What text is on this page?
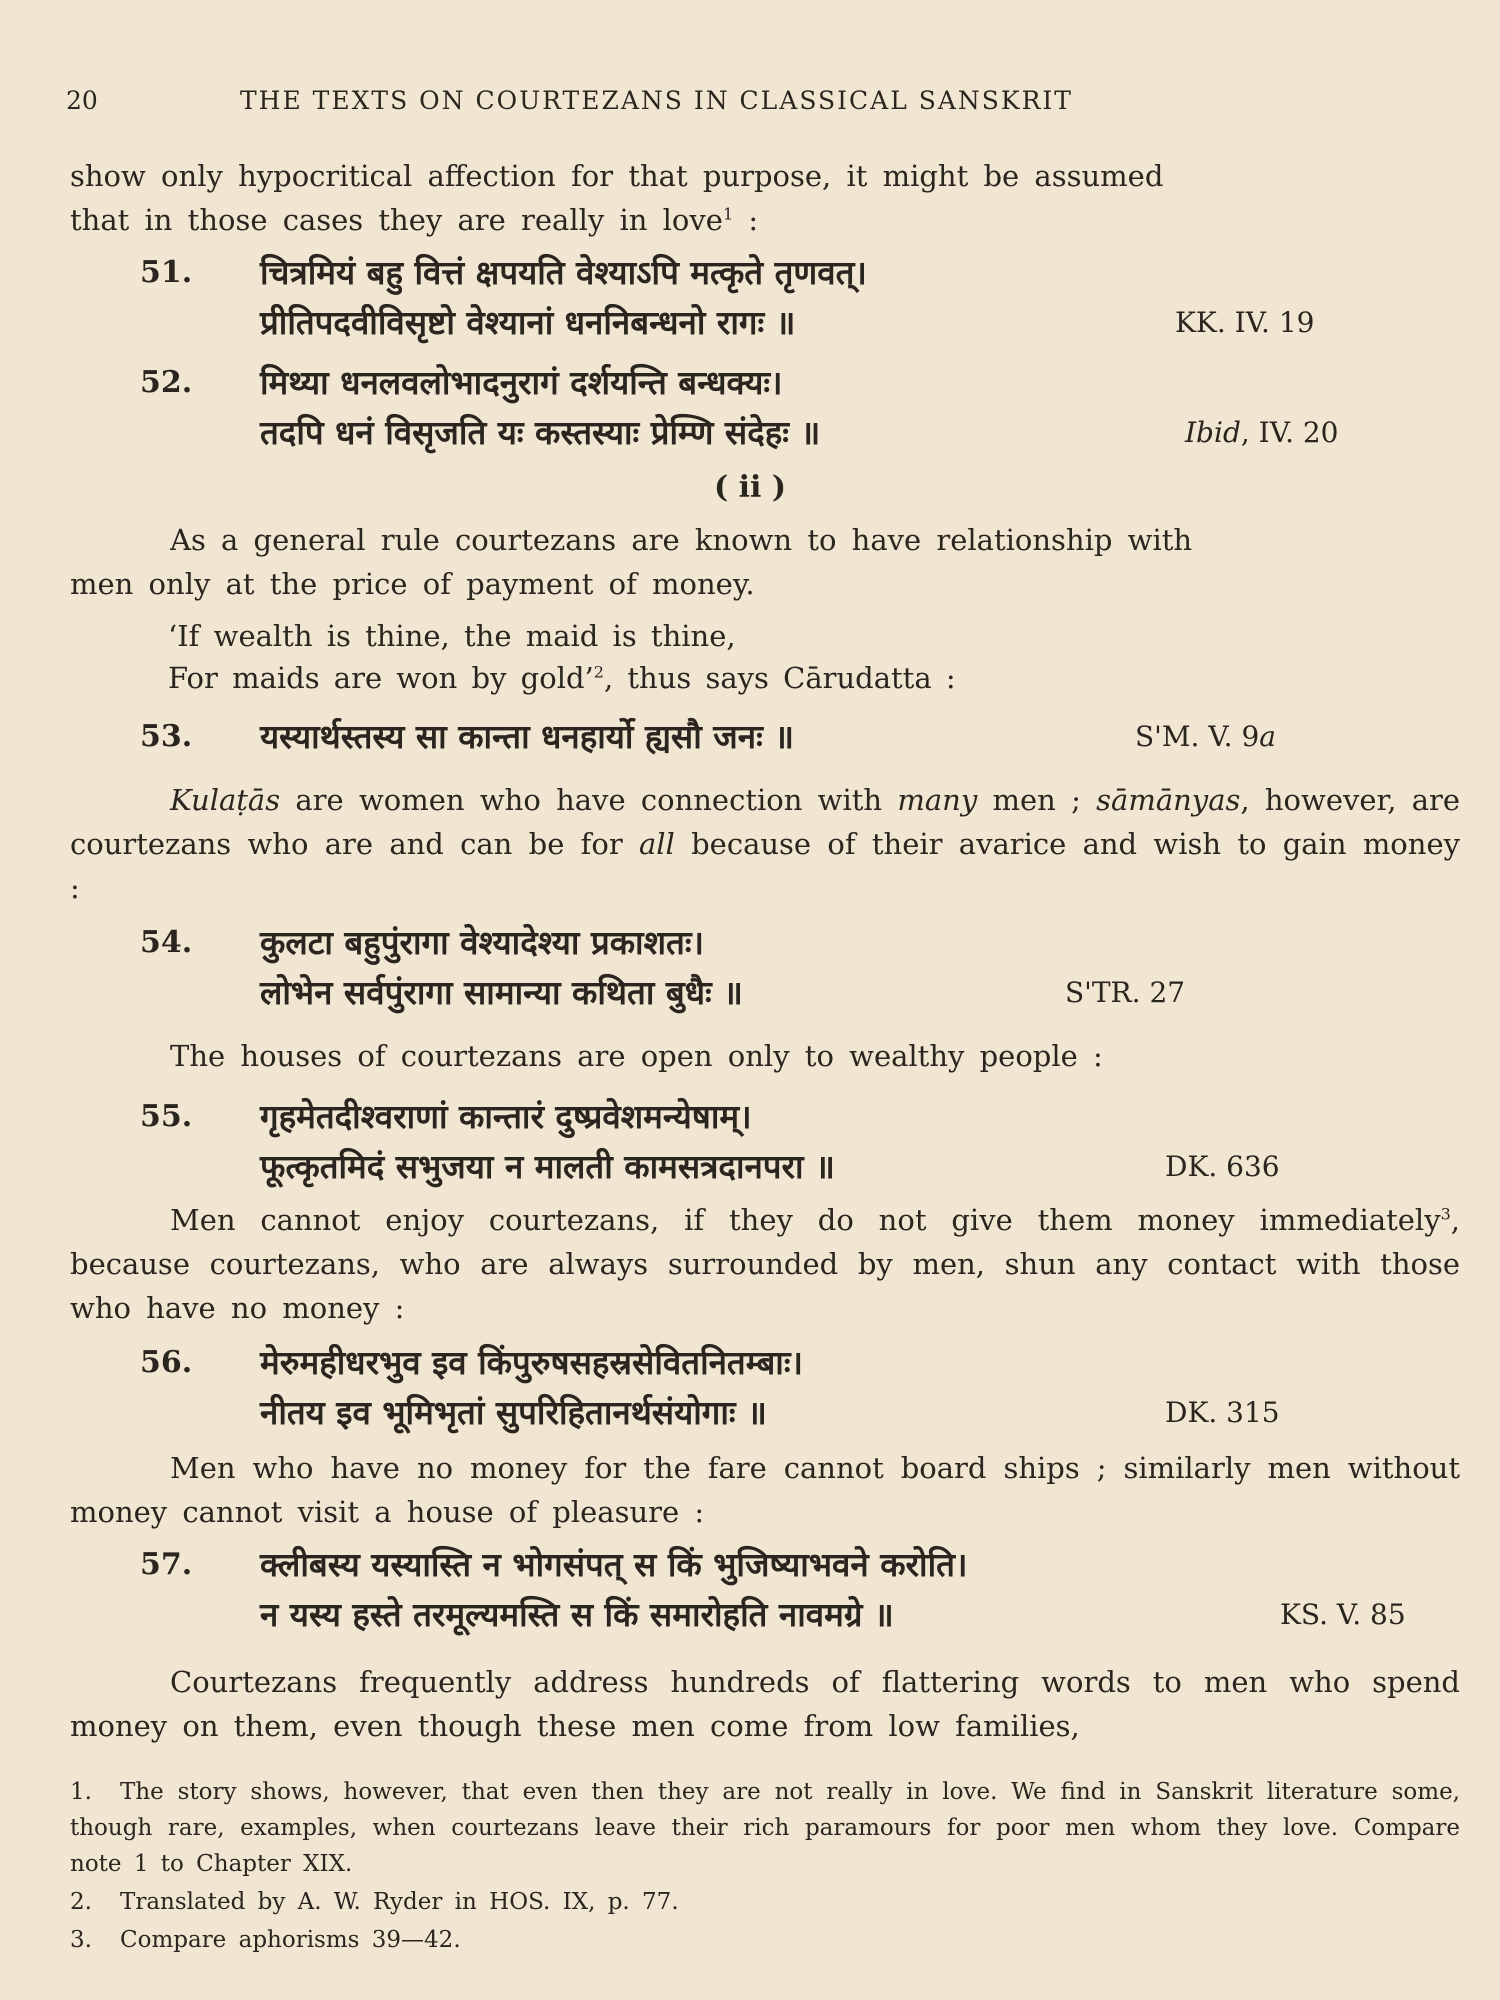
20	THE TEXTS ON COURTEZANS IN CLASSICAL SANSKRIT
show only hypocritical affection for that purpose, it might be assumed
that in those cases they are really in love$^1$ :
51. चित्रमियं बहु वित्तं क्षपयति वेश्याऽपि मत्कृते तृणवत्।
प्रीतिपदवीविसृष्टो वेश्यानां धननिबन्धनो रागः ॥	KK. IV. 19
52. मिथ्या धनलवलोभादनुरागं दर्शयन्ति बन्धक्यः।
तदपि धनं विसृजति यः कस्तस्याः प्रेम्णि संदेहः ॥	Ibid, IV. 20
( ii )
As a general rule courtezans are known to have relationship with
men only at the price of payment of money.
‘If wealth is thine, the maid is thine,
For maids are won by gold’$^2$, thus says Cārudatta :
53. यस्यार्थस्तस्य सा कान्ता धनहार्यो ह्यसौ जनः ॥	S'M. V. 9a
Kulaṭās are women who have connection with many men ; sāmānyas, however, are courtezans who are and can be for all because of their avarice and wish to gain money :
54. कुलटा बहुपुंरागा वेश्यादेश्या प्रकाशतः।
लोभेन सर्वपुंरागा सामान्या कथिता बुधैः ॥	S'TR. 27
The houses of courtezans are open only to wealthy people :
55. गृहमेतदीश्वराणां कान्तारं दुष्प्रवेशमन्येषाम्।
फूत्कृतमिदं सभुजया न मालती कामसत्रदानपरा ॥	DK. 636
Men cannot enjoy courtezans, if they do not give them money immediately$^3$, because courtezans, who are always surrounded by men, shun any contact with those who have no money :
56. मेरुमहीधरभुव इव किंपुरुषसहस्रसेवितनितम्बाः।
नीतय इव भूमिभृतां सुपरिहितानर्थसंयोगाः ॥	DK. 315
Men who have no money for the fare cannot board ships ; similarly men without money cannot visit a house of pleasure :
57. क्लीबस्य यस्यास्ति न भोगसंपत् स किं भुजिष्याभवने करोति।
न यस्य हस्ते तरमूल्यमस्ति स किं समारोहति नावमग्रे ॥	KS. V. 85
Courtezans frequently address hundreds of flattering words to men who spend money on them, even though these men come from low families,
1. The story shows, however, that even then they are not really in love. We find in Sanskrit literature some, though rare, examples, when courtezans leave their rich paramours for poor men whom they love. Compare note 1 to Chapter XIX.
2. Translated by A. W. Ryder in HOS. IX, p. 77.
3. Compare aphorisms 39—42.
